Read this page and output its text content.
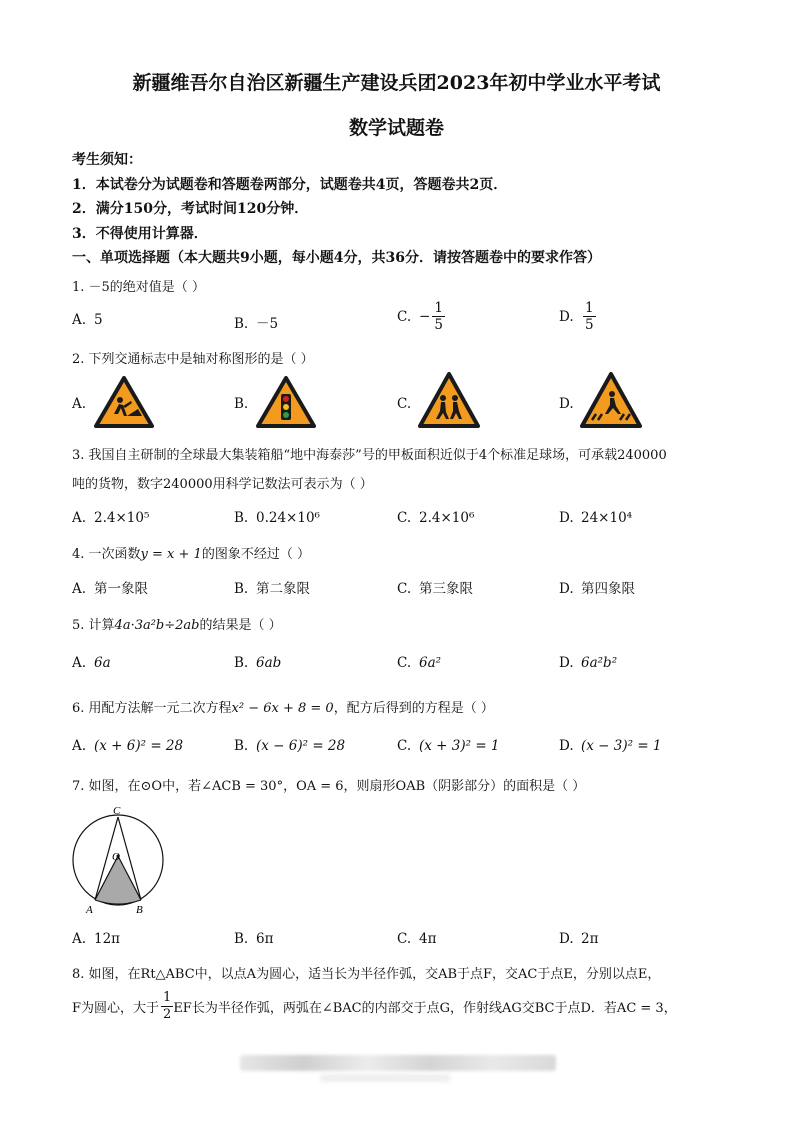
新疆维吾尔自治区新疆生产建设兵团2023年初中学业水平考试
数学试题卷
考生须知：
1．本试卷分为试题卷和答题卷两部分，试题卷共4页，答题卷共2页．
2．满分150分，考试时间120分钟．
3．不得使用计算器．
一、单项选择题（本大题共9小题，每小题4分，共36分．请按答题卷中的要求作答）
1. －5的绝对值是（ ）
A. 5	B. －5	C. − $\frac{1}{5}$	D. $\frac{1}{5}$
2. 下列交通标志中是轴对称图形的是（ ）
A.	B.	C.	D.
3. 我国自主研制的全球最大集装箱船“地中海泰莎”号的甲板面积近似于4个标准足球场，可承载240000
吨的货物，数字240000用科学记数法可表示为（ ）
A. 2.4×10⁵	B. 0.24×10⁶	C. 2.4×10⁶	D. 24×10⁴
4. 一次函数y = x + 1的图象不经过（ ）
A. 第一象限	B. 第二象限	C. 第三象限	D. 第四象限
5. 计算4a·3a²b÷2ab的结果是（ ）
A. 6a	B. 6ab	C. 6a²	D. 6a²b²
6. 用配方法解一元二次方程x² − 6x + 8 = 0，配方后得到的方程是（ ）
A. (x + 6)² = 28	B. (x − 6)² = 28	C. (x + 3)² = 1	D. (x − 3)² = 1
7. 如图，在⊙O中，若∠ACB = 30°，OA = 6，则扇形OAB（阴影部分）的面积是（ ）
C
O
A	B
A. 12π	B. 6π	C. 4π	D. 2π
8. 如图，在Rt△ABC中，以点A为圆心，适当长为半径作弧，交AB于点F，交AC于点E，分别以点E，
F为圆心，大于 $\frac{1}{2}$ EF长为半径作弧，两弧在∠BAC的内部交于点G，作射线AG交BC于点D．若AC = 3，
